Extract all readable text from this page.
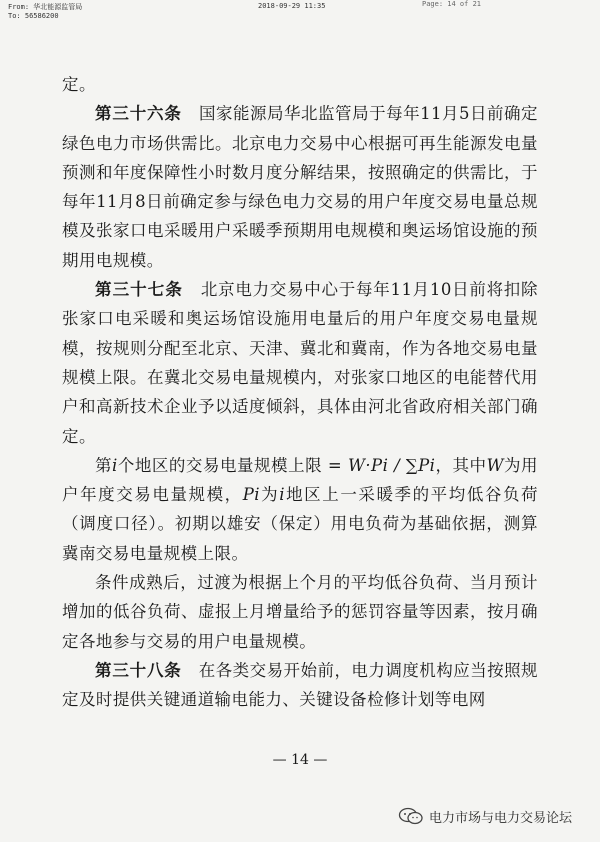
From: 华北能源监管局
To: 56586200
2018-09-29 11:35	Page: 14 of 21

定。

第三十六条 国家能源局华北监管局于每年11月5日前确定绿色电力市场供需比。北京电力交易中心根据可再生能源发电量预测和年度保障性小时数月度分解结果，按照确定的供需比，于每年11月8日前确定参与绿色电力交易的用户年度交易电量总规模及张家口电采暖用户采暖季预期用电规模和奥运场馆设施的预期用电规模。

第三十七条 北京电力交易中心于每年11月10日前将扣除张家口电采暖和奥运场馆设施用电量后的用户年度交易电量规模，按规则分配至北京、天津、冀北和冀南，作为各地交易电量规模上限。在冀北交易电量规模内，对张家口地区的电能替代用户和高新技术企业予以适度倾斜，具体由河北省政府相关部门确定。

第i个地区的交易电量规模上限 = W·Pi / ∑Pi，其中W为用户年度交易电量规模，Pi为i地区上一采暖季的平均低谷负荷（调度口径）。初期以雄安（保定）用电负荷为基础依据，测算冀南交易电量规模上限。

条件成熟后，过渡为根据上个月的平均低谷负荷、当月预计增加的低谷负荷、虚报上月增量给予的惩罚容量等因素，按月确定各地参与交易的用户电量规模。

第三十八条 在各类交易开始前，电力调度机构应当按照规定及时提供关键通道输电能力、关键设备检修计划等电网

— 14 —
电力市场与电力交易论坛
